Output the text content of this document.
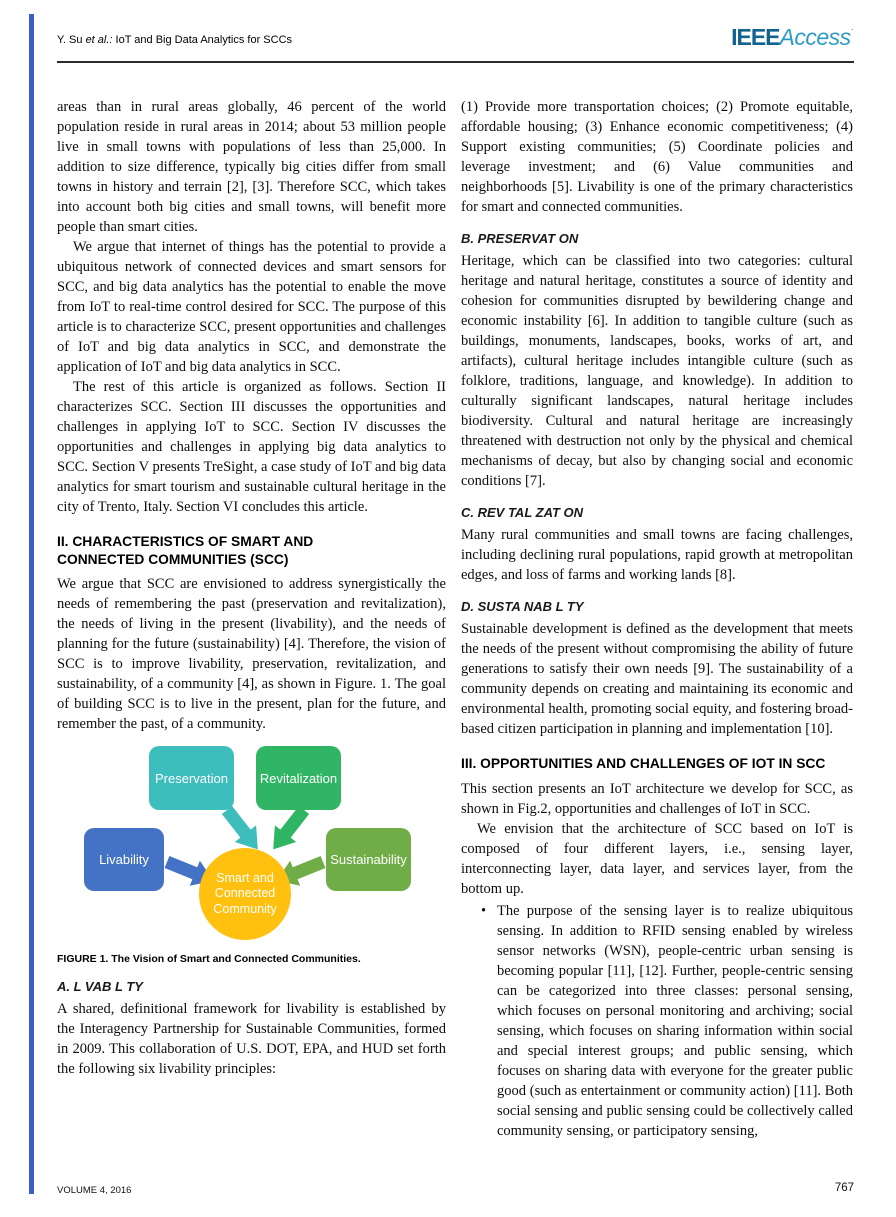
Y. Su et al.: IoT and Big Data Analytics for SCCs	IEEEAccess·

areas than in rural areas globally, 46 percent of the world population reside in rural areas in 2014; about 53 million people live in small towns with populations of less than 25,000. In addition to size difference, typically big cities differ from small towns in history and terrain [2], [3]. Therefore SCC, which takes into account both big cities and small towns, will benefit more people than smart cities.

We argue that internet of things has the potential to provide a ubiquitous network of connected devices and smart sensors for SCC, and big data analytics has the potential to enable the move from IoT to real-time control desired for SCC. The purpose of this article is to characterize SCC, present opportunities and challenges of IoT and big data analytics in SCC, and demonstrate the application of IoT and big data analytics in SCC.

The rest of this article is organized as follows. Section II characterizes SCC. Section III discusses the opportunities and challenges in applying IoT to SCC. Section IV discusses the opportunities and challenges in applying big data analytics to SCC. Section V presents TreSight, a case study of IoT and big data analytics for smart tourism and sustainable cultural heritage in the city of Trento, Italy. Section VI concludes this article.

II. CHARACTERISTICS OF SMART AND
CONNECTED COMMUNITIES (SCC)

We argue that SCC are envisioned to address synergistically the needs of remembering the past (preservation and revitalization), the needs of living in the present (livability), and the needs of planning for the future (sustainability) [4]. Therefore, the vision of SCC is to improve livability, preservation, revitalization, and sustainability, of a community [4], as shown in Figure. 1. The goal of building SCC is to live in the present, plan for the future, and remember the past, of a community.

Preservation	Revitalization
Livability	Sustainability
Smart and
Connected
Community
FIGURE 1. The Vision of Smart and Connected Communities.
A. L VAB L TY

A shared, definitional framework for livability is established by the Interagency Partnership for Sustainable Communities, formed in 2009. This collaboration of U.S. DOT, EPA, and HUD set forth the following six livability principles:

(1) Provide more transportation choices; (2) Promote equitable, affordable housing; (3) Enhance economic competitiveness; (4) Support existing communities; (5) Coordinate policies and leverage investment; and (6) Value communities and neighborhoods [5]. Livability is one of the primary characteristics for smart and connected communities.

B. PRESERVAT ON

Heritage, which can be classified into two categories: cultural heritage and natural heritage, constitutes a source of identity and cohesion for communities disrupted by bewildering change and economic instability [6]. In addition to tangible culture (such as buildings, monuments, landscapes, books, works of art, and artifacts), cultural heritage includes intangible culture (such as folklore, traditions, language, and knowledge). In addition to culturally significant landscapes, natural heritage includes biodiversity. Cultural and natural heritage are increasingly threatened with destruction not only by the physical and chemical mechanisms of decay, but also by changing social and economic conditions [7].

C. REV TAL ZAT ON

Many rural communities and small towns are facing challenges, including declining rural populations, rapid growth at metropolitan edges, and loss of farms and working lands [8].

D. SUSTA NAB L TY

Sustainable development is defined as the development that meets the needs of the present without compromising the ability of future generations to satisfy their own needs [9]. The sustainability of a community depends on creating and maintaining its economic and environmental health, promoting social equity, and fostering broad-based citizen participation in planning and implementation [10].

III. OPPORTUNITIES AND CHALLENGES OF IOT IN SCC

This section presents an IoT architecture we develop for SCC, as shown in Fig.2, opportunities and challenges of IoT in SCC.

We envision that the architecture of SCC based on IoT is composed of four different layers, i.e., sensing layer, interconnecting layer, data layer, and services layer, from the bottom up.

• The purpose of the sensing layer is to realize ubiquitous sensing. In addition to RFID sensing enabled by wireless sensor networks (WSN), people-centric urban sensing is becoming popular [11], [12]. Further, people-centric sensing can be categorized into three classes: personal sensing, which focuses on personal monitoring and archiving; social sensing, which focuses on sharing information within social and special interest groups; and public sensing, which focuses on sharing data with everyone for the greater public good (such as entertainment or community action) [11]. Both social sensing and public sensing could be collectively called community sensing, or participatory sensing,
VOLUME 4, 2016	767
